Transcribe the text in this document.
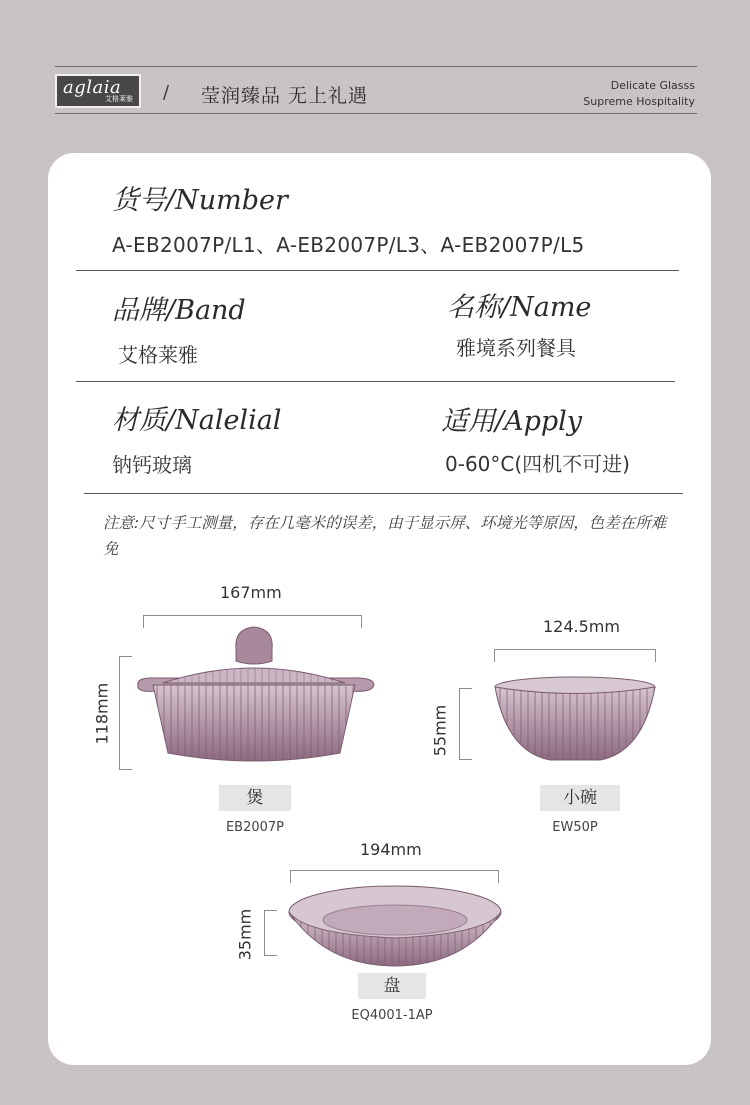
aglaia
艾格莱雅 / 莹润臻品 无上礼遇	Delicate Glasss
Supreme Hospitality
货号/Number
A-EB2007P/L1、A-EB2007P/L3、A-EB2007P/L5
品牌/Band
艾格莱雅
名称/Name
雅境系列餐具
材质/Nalelial
钠钙玻璃
适用/Apply
0-60°C(四机不可进)
注意:尺寸手工测量，存在几毫米的误差，由于显示屏、环境光等原因，色差在所难免
167mm
118mm
煲
EB2007P
124.5mm
55mm
小碗
EW50P
194mm
35mm
盘
EQ4001-1AP
